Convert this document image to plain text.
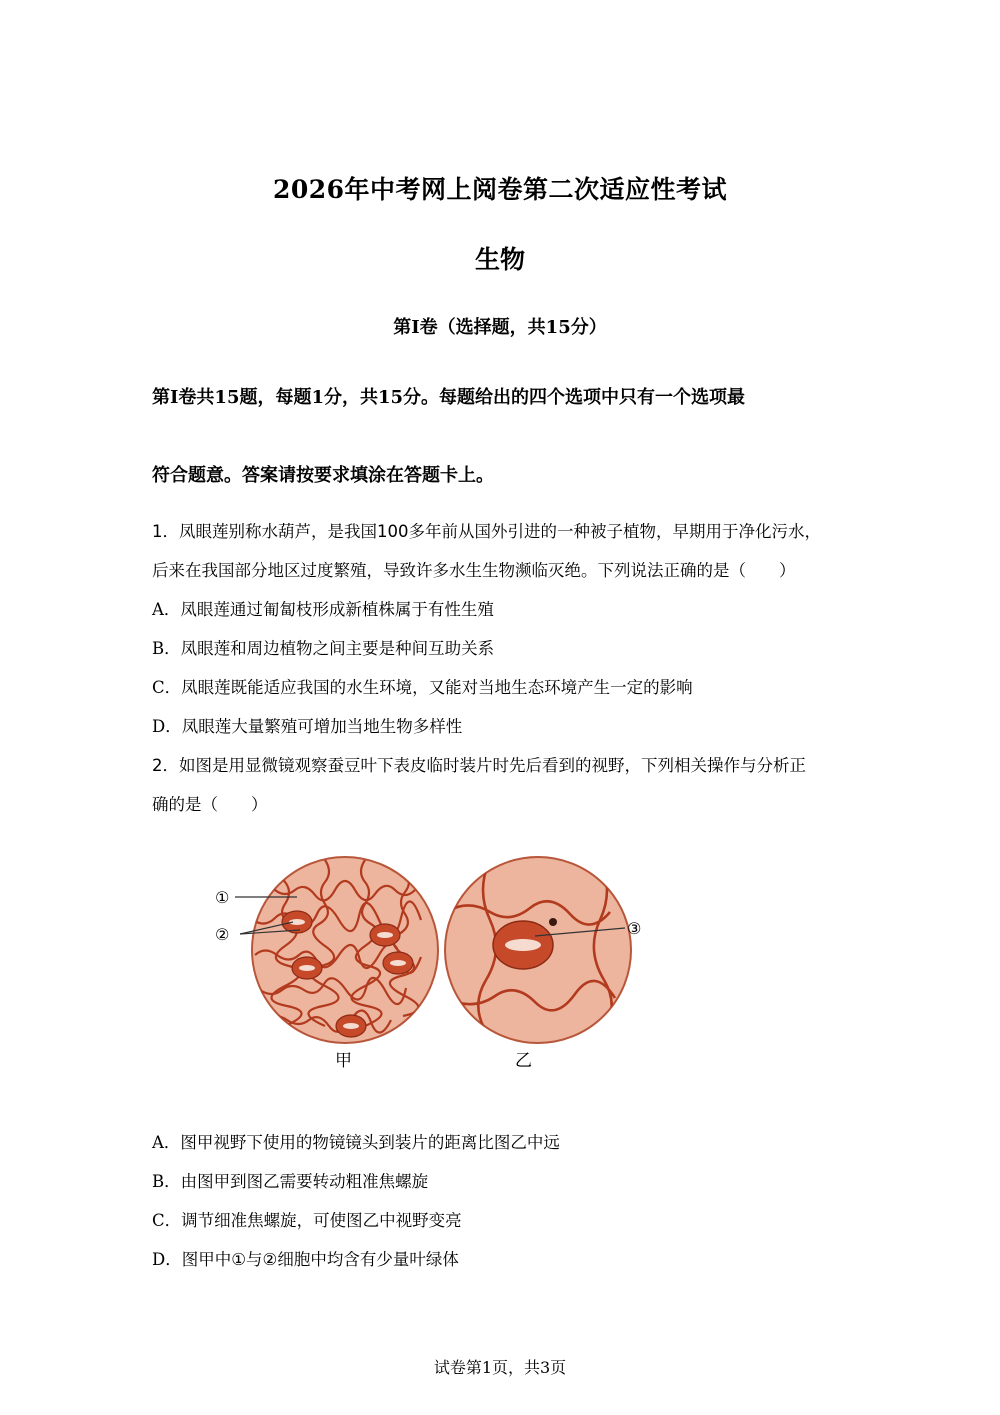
2026年中考网上阅卷第二次适应性考试
生物
第Ⅰ卷（选择题，共15分）
第Ⅰ卷共15题，每题1分，共15分。每题给出的四个选项中只有一个选项最
符合题意。答案请按要求填涂在答题卡上。
1．凤眼莲别称水葫芦，是我国100多年前从国外引进的一种被子植物，早期用于净化污水，
后来在我国部分地区过度繁殖，导致许多水生生物濒临灭绝。下列说法正确的是（　　）
A．凤眼莲通过匍匐枝形成新植株属于有性生殖
B．凤眼莲和周边植物之间主要是种间互助关系
C．凤眼莲既能适应我国的水生环境，又能对当地生态环境产生一定的影响
D．凤眼莲大量繁殖可增加当地生物多样性
2．如图是用显微镜观察蚕豆叶下表皮临时装片时先后看到的视野，下列相关操作与分析正
确的是（　　）
①
②	③
甲	乙
A．图甲视野下使用的物镜镜头到装片的距离比图乙中远
B．由图甲到图乙需要转动粗准焦螺旋
C．调节细准焦螺旋，可使图乙中视野变亮
D．图甲中①与②细胞中均含有少量叶绿体
试卷第1页，共3页
